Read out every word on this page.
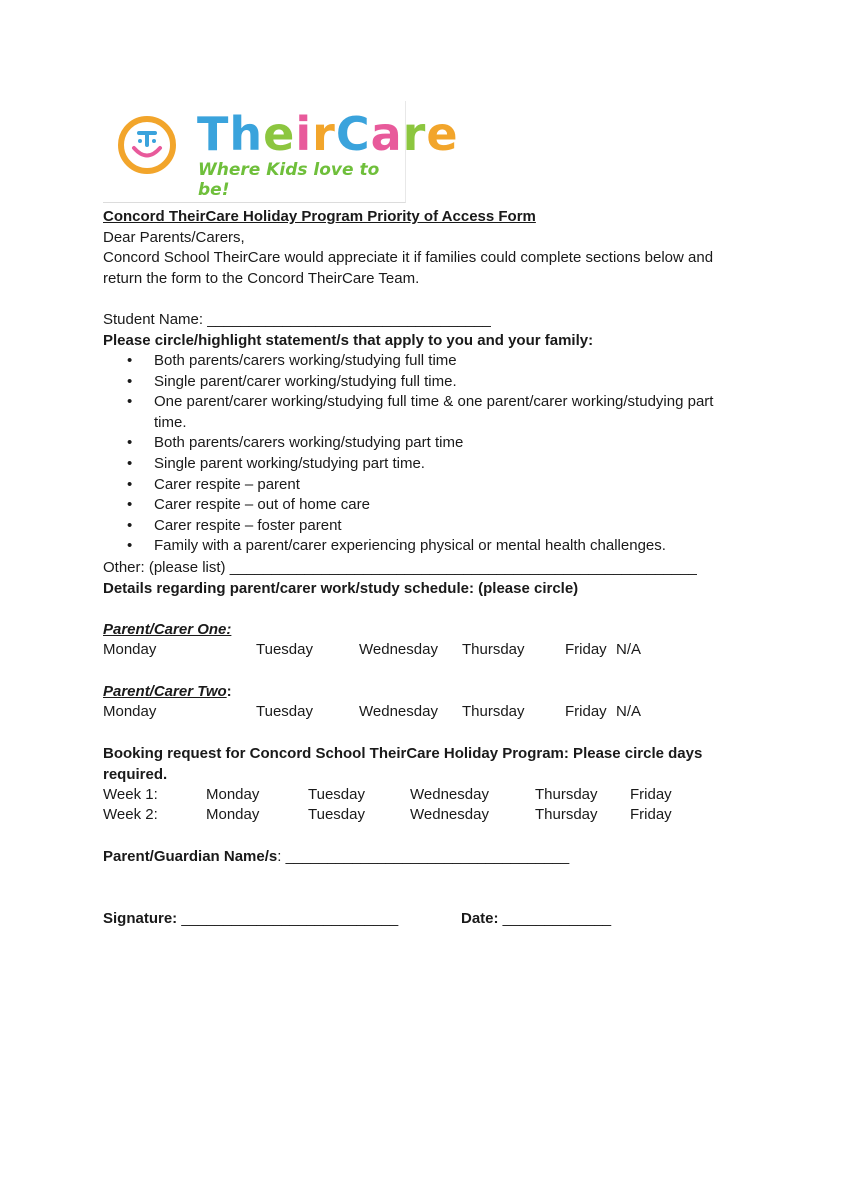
TheirCare
Where Kids love to be!
Concord TheirCare Holiday Program Priority of Access Form
Dear Parents/Carers,
Concord School TheirCare would appreciate it if families could complete sections below and
return the form to the Concord TheirCare Team.
Student Name: __________________________________
Please circle/highlight statement/s that apply to you and your family:
• Both parents/carers working/studying full time
• Single parent/carer working/studying full time.
• One parent/carer working/studying full time & one parent/carer working/studying part time.
• Both parents/carers working/studying part time
• Single parent working/studying part time.
• Carer respite – parent
• Carer respite – out of home care
• Carer respite – foster parent
• Family with a parent/carer experiencing physical or mental health challenges.
Other: (please list) ________________________________________________________
Details regarding parent/carer work/study schedule: (please circle)
Parent/Carer One:
Monday	Tuesday	Wednesday Thursday	Friday N/A
Parent/Carer Two:
Monday	Tuesday	Wednesday Thursday	Friday N/A
Booking request for Concord School TheirCare Holiday Program: Please circle days
required.
Week 1:	Monday	Tuesday	Wednesday	Thursday Friday
Week 2:	Monday	Tuesday	Wednesday	Thursday Friday
Parent/Guardian Name/s: __________________________________
Signature: __________________________	Date: _____________
